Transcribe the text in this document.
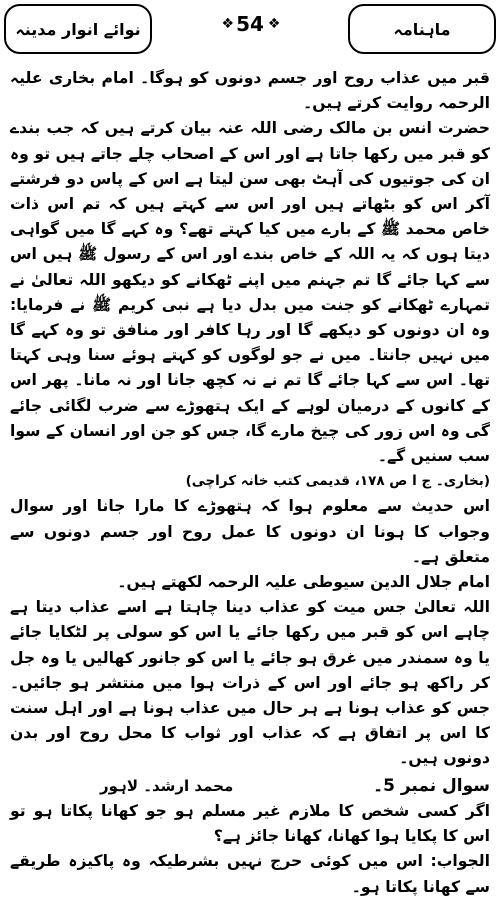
ماہنامہ
❖ 54 ❖
نوائے انوار مدینہ

قبر میں عذاب روح اور جسم دونوں کو ہوگا۔ امام بخاری علیہ الرحمہ روایت کرتے ہیں۔

حضرت انس بن مالک رضی اللہ عنہ بیان کرتے ہیں کہ جب بندے کو قبر میں رکھا جاتا ہے اور اس کے اصحاب چلے جاتے ہیں تو وہ ان کی جوتیوں کی آہٹ بھی سن لیتا ہے اس کے پاس دو فرشتے آکر اس کو بٹھاتے ہیں اور اس سے کہتے ہیں کہ تم اس ذات خاص محمد ﷺ کے بارے میں کیا کہتے تھے؟ وہ کہے گا میں گواہی دیتا ہوں کہ یہ اللہ کے خاص بندے اور اس کے رسول ﷺ ہیں اس سے کہا جائے گا تم جہنم میں اپنے ٹھکانے کو دیکھو اللہ تعالیٰ نے تمہارے ٹھکانے کو جنت میں بدل دیا ہے نبی کریم ﷺ نے فرمایا: وہ ان دونوں کو دیکھے گا اور رہا کافر اور منافق تو وہ کہے گا میں نہیں جانتا۔ میں نے جو لوگوں کو کہتے ہوئے سنا وہی کہتا تھا۔ اس سے کہا جائے گا تم نے نہ کچھ جانا اور نہ مانا۔ پھر اس کے کانوں کے درمیان لوہے کے ایک ہتھوڑے سے ضرب لگائی جائے گی وہ اس زور کی چیخ مارے گا، جس کو جن اور انسان کے سوا سب سنیں گے۔

(بخاری۔ ج ا ص ۱۷۸، قدیمی کتب خانہ کراچی)

اس حدیث سے معلوم ہوا کہ ہتھوڑے کا مارا جانا اور سوال وجواب کا ہونا ان دونوں کا عمل روح اور جسم دونوں سے متعلق ہے۔

امام جلال الدین سیوطی علیہ الرحمہ لکھتے ہیں۔

اللہ تعالیٰ جس میت کو عذاب دینا چاہتا ہے اسے عذاب دیتا ہے چاہے اس کو قبر میں رکھا جائے یا اس کو سولی پر لٹکایا جائے یا وہ سمندر میں غرق ہو جائے یا اس کو جانور کھالیں یا وہ جل کر راکھ ہو جائے اور اس کے ذرات ہوا میں منتشر ہو جائیں۔ جس کو عذاب ہونا ہے ہر حال میں عذاب ہونا ہے اور اہل سنت کا اس پر اتفاق ہے کہ عذاب اور ثواب کا محل روح اور بدن دونوں ہیں۔

سوال نمبر 5۔
محمد ارشد۔ لاہور

اگر کسی شخص کا ملازم غیر مسلم ہو جو کھانا پکاتا ہو تو اس کا پکایا ہوا کھانا، کھانا جائز ہے؟

الجواب: اس میں کوئی حرج نہیں بشرطیکہ وہ پاکیزہ طریقے سے کھانا پکاتا ہو۔
